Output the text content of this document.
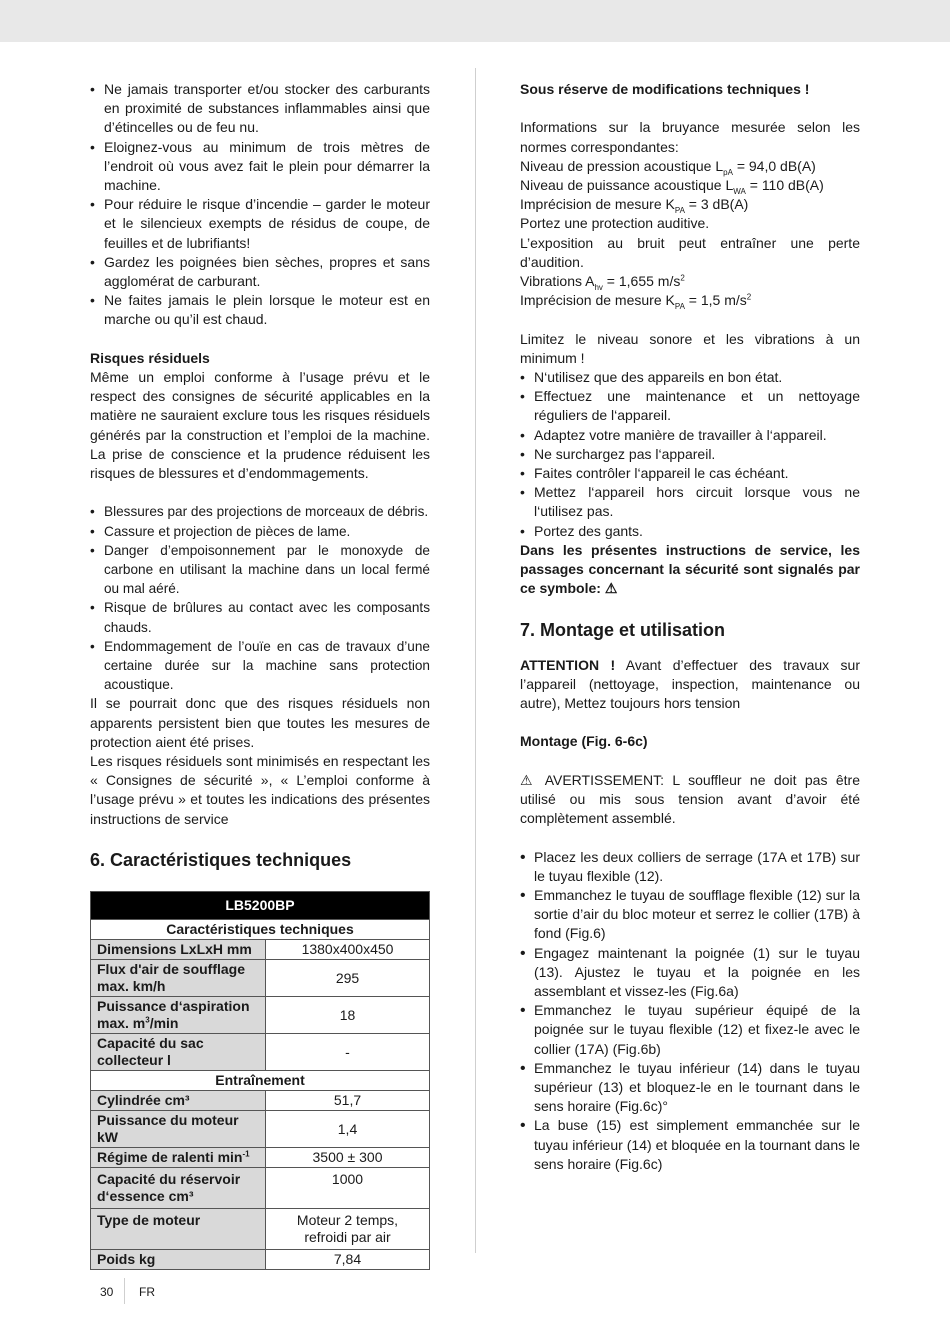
• Ne jamais transporter et/ou stocker des carburants en proximité de substances inflammables ainsi que d’étincelles ou de feu nu.
• Eloignez-vous au minimum de trois mètres de l’endroit où vous avez fait le plein pour démarrer la machine.
• Pour réduire le risque d’incendie – garder le moteur et le silencieux exempts de résidus de coupe, de feuilles et de lubrifiants!
• Gardez les poignées bien sèches, propres et sans agglomérat de carburant.
• Ne faites jamais le plein lorsque le moteur est en marche ou qu’il est chaud.

Risques résiduels

Même un emploi conforme à l’usage prévu et le respect des consignes de sécurité applicables en la matière ne sauraient exclure tous les risques résiduels générés par la construction et l’emploi de la machine. La prise de conscience et la prudence réduisent les risques de blessures et d’endommagements.

• Blessures par des projections de morceaux de débris.
• Cassure et projection de pièces de lame.
• Danger d’empoisonnement par le monoxyde de carbone en utilisant la machine dans un local fermé ou mal aéré.
• Risque de brûlures au contact avec les composants chauds.
• Endommagement de l’ouïe en cas de travaux d’une certaine durée sur la machine sans protection acoustique.

Il se pourrait donc que des risques résiduels non apparents persistent bien que toutes les mesures de protection aient été prises.

Les risques résiduels sont minimisés en respectant les « Consignes de sécurité », « L’emploi conforme à l’usage prévu » et toutes les indications des présentes instructions de service

6. Caractéristiques techniques
LB5200BP	
Caractéristiques techniques	
Dimensions LxLxH mm	1380x400x450
Flux d'air de soufflage max. km/h	295
Puissance d‘aspiration max. $m^3/\min$	18
Capacité du sac collecteur l	-
Entraînement	
Cylindrée cm³	51,7
Puissance du moteur kW	1,4
Régime de ralenti $\min^{-1}$	3500 ± 300
Capacité du réservoir d‘essence cm³	1000
Type de moteur	Moteur 2 temps,
refroidi par air
Poids kg	7,84

Sous réserve de modifications techniques !

Informations sur la bruyance mesurée selon les normes correspondantes:

Niveau de pression acoustique $L_{pA} = 94,0$ dB(A)

Niveau de puissance acoustique $L_{WA} = 110$ dB(A)

Imprécision de mesure $K_{PA} = 3$ dB(A)

Portez une protection auditive.

L’exposition au bruit peut entraîner une perte d’audition.

Vibrations $A_{hv} = 1,655$ $m/s^2$

Imprécision de mesure $K_{PA} = 1,5$ $m/s^2$

Limitez le niveau sonore et les vibrations à un minimum !

• N‘utilisez que des appareils en bon état.
• Effectuez une maintenance et un nettoyage réguliers de l‘appareil.
• Adaptez votre manière de travailler à l‘appareil.
• Ne surchargez pas l‘appareil.
• Faites contrôler l‘appareil le cas échéant.
• Mettez l‘appareil hors circuit lorsque vous ne l‘utilisez pas.
• Portez des gants.

Dans les présentes instructions de service, les passages concernant la sécurité sont signalés par ce symbole: ⚠

7. Montage et utilisation

ATTENTION ! Avant d’effectuer des travaux sur l’appareil (nettoyage, inspection, maintenance ou autre), Mettez toujours hors tension

Montage (Fig. 6-6c)

⚠ AVERTISSEMENT: L souffleur ne doit pas être utilisé ou mis sous tension avant d’avoir été complètement assemblé.

• Placez les deux colliers de serrage (17A et 17B) sur le tuyau flexible (12).
• Emmanchez le tuyau de soufflage flexible (12) sur la sortie d’air du bloc moteur et serrez le collier (17B) à fond (Fig.6)
• Engagez maintenant la poignée (1) sur le tuyau (13). Ajustez le tuyau et la poignée en les assemblant et vissez-les (Fig.6a)
• Emmanchez le tuyau supérieur équipé de la poignée sur le tuyau flexible (12) et fixez-le avec le collier (17A) (Fig.6b)
• Emmanchez le tuyau inférieur (14) dans le tuyau supérieur (13) et bloquez-le en le tournant dans le sens horaire (Fig.6c)°
• La buse (15) est simplement emmanchée sur le tuyau inférieur (14) et bloquée en la tournant dans le sens horaire (Fig.6c)
30 FR
